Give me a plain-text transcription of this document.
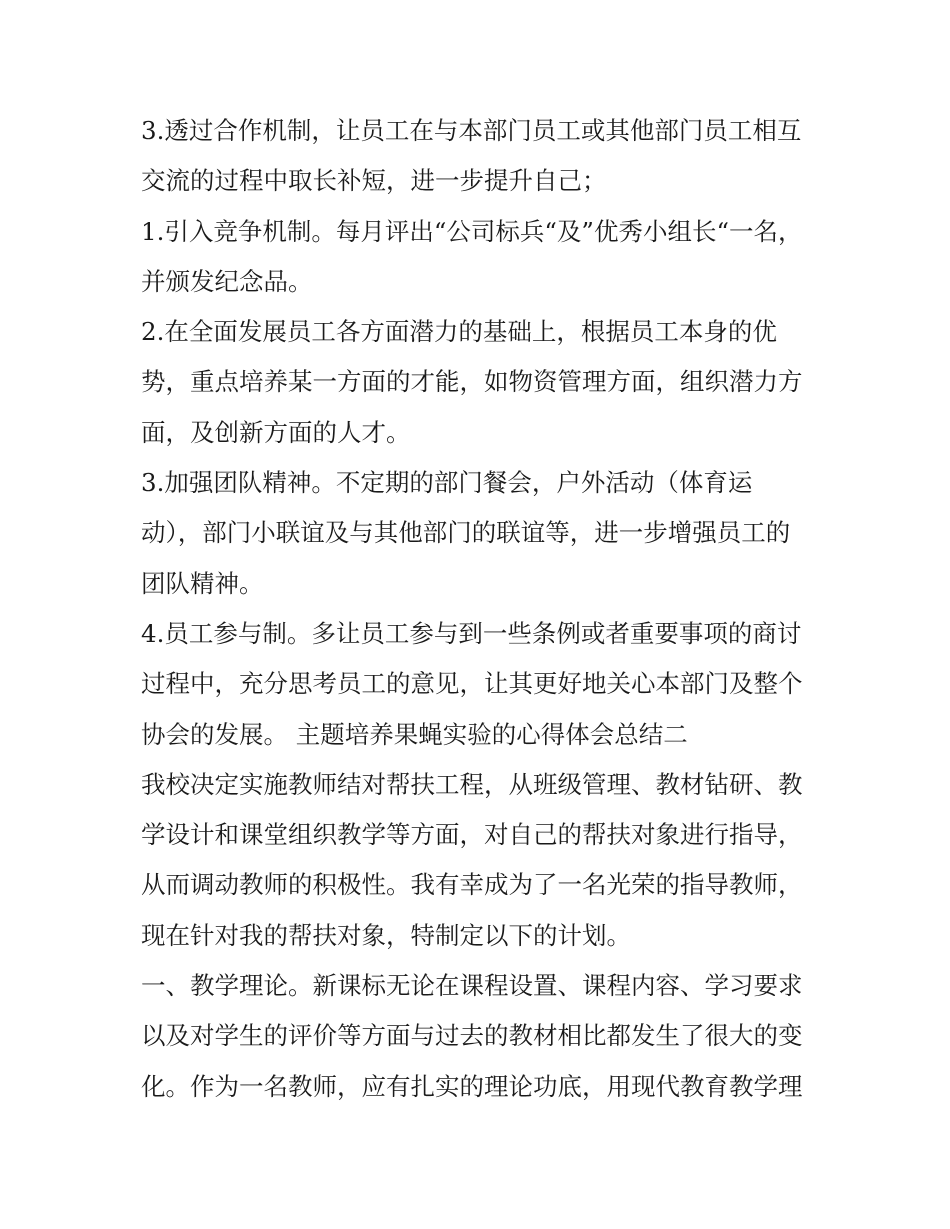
3.透过合作机制，让员工在与本部门员工或其他部门员工相互
交流的过程中取长补短，进一步提升自己；
1.引入竞争机制。每月评出“公司标兵“及”优秀小组长“一名，
并颁发纪念品。
2.在全面发展员工各方面潜力的基础上，根据员工本身的优
势，重点培养某一方面的才能，如物资管理方面，组织潜力方
面，及创新方面的人才。
3.加强团队精神。不定期的部门餐会，户外活动（体育运
动），部门小联谊及与其他部门的联谊等，进一步增强员工的
团队精神。
4.员工参与制。多让员工参与到一些条例或者重要事项的商讨
过程中，充分思考员工的意见，让其更好地关心本部门及整个
协会的发展。 主题培养果蝇实验的心得体会总结二
我校决定实施教师结对帮扶工程，从班级管理、教材钻研、教
学设计和课堂组织教学等方面，对自己的帮扶对象进行指导，
从而调动教师的积极性。我有幸成为了一名光荣的指导教师，
现在针对我的帮扶对象，特制定以下的计划。
一、教学理论。新课标无论在课程设置、课程内容、学习要求
以及对学生的评价等方面与过去的教材相比都发生了很大的变
化。作为一名教师，应有扎实的理论功底，用现代教育教学理
